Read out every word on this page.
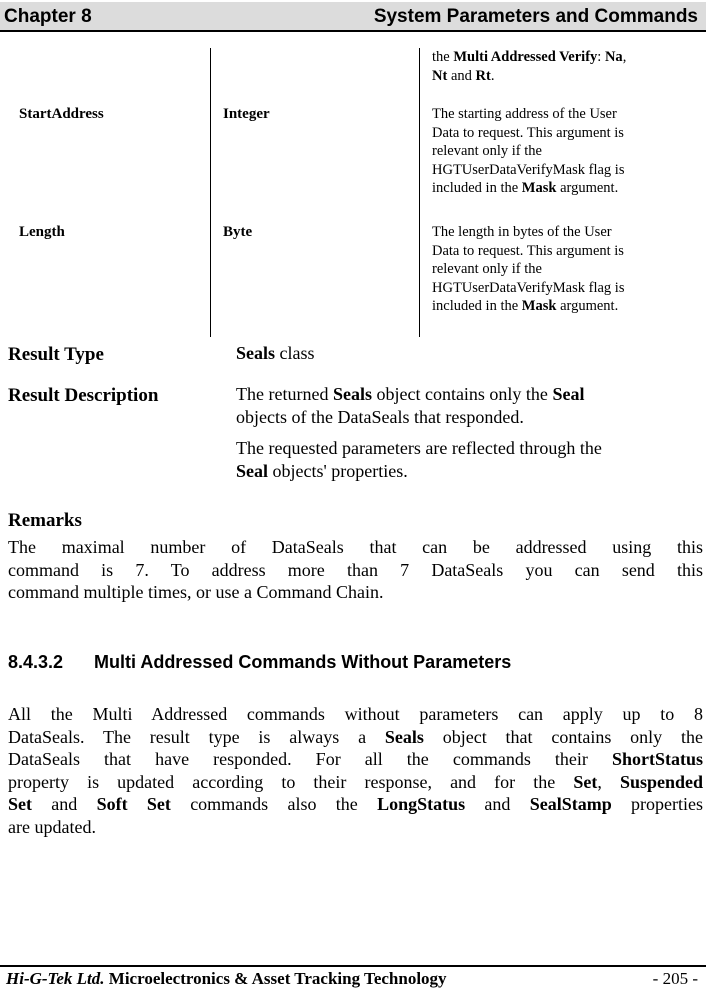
Chapter 8	System Parameters and Commands
the Multi Addressed Verify: Na,
Nt and Rt.
StartAddress	Integer	The starting address of the User
Data to request. This argument is
relevant only if the
HGTUserDataVerifyMask flag is
included in the Mask argument.
Length	Byte	The length in bytes of the User
Data to request. This argument is
relevant only if the
HGTUserDataVerifyMask flag is
included in the Mask argument.
Result Type	Seals class
Result Description	The returned Seals object contains only the Seal
objects of the DataSeals that responded.
The requested parameters are reflected through the
Seal objects' properties.
Remarks
The maximal number of DataSeals that can be addressed using this
command is 7. To address more than 7 DataSeals you can send this
command multiple times, or use a Command Chain.
8.4.3.2 Multi Addressed Commands Without Parameters
All the Multi Addressed commands without parameters can apply up to 8
DataSeals. The result type is always a Seals object that contains only the
DataSeals that have responded. For all the commands their ShortStatus
property is updated according to their response, and for the Set, Suspended
Set and Soft Set commands also the LongStatus and SealStamp properties
are updated.
Hi-G-Tek Ltd. Microelectronics & Asset Tracking Technology	- 205 -
